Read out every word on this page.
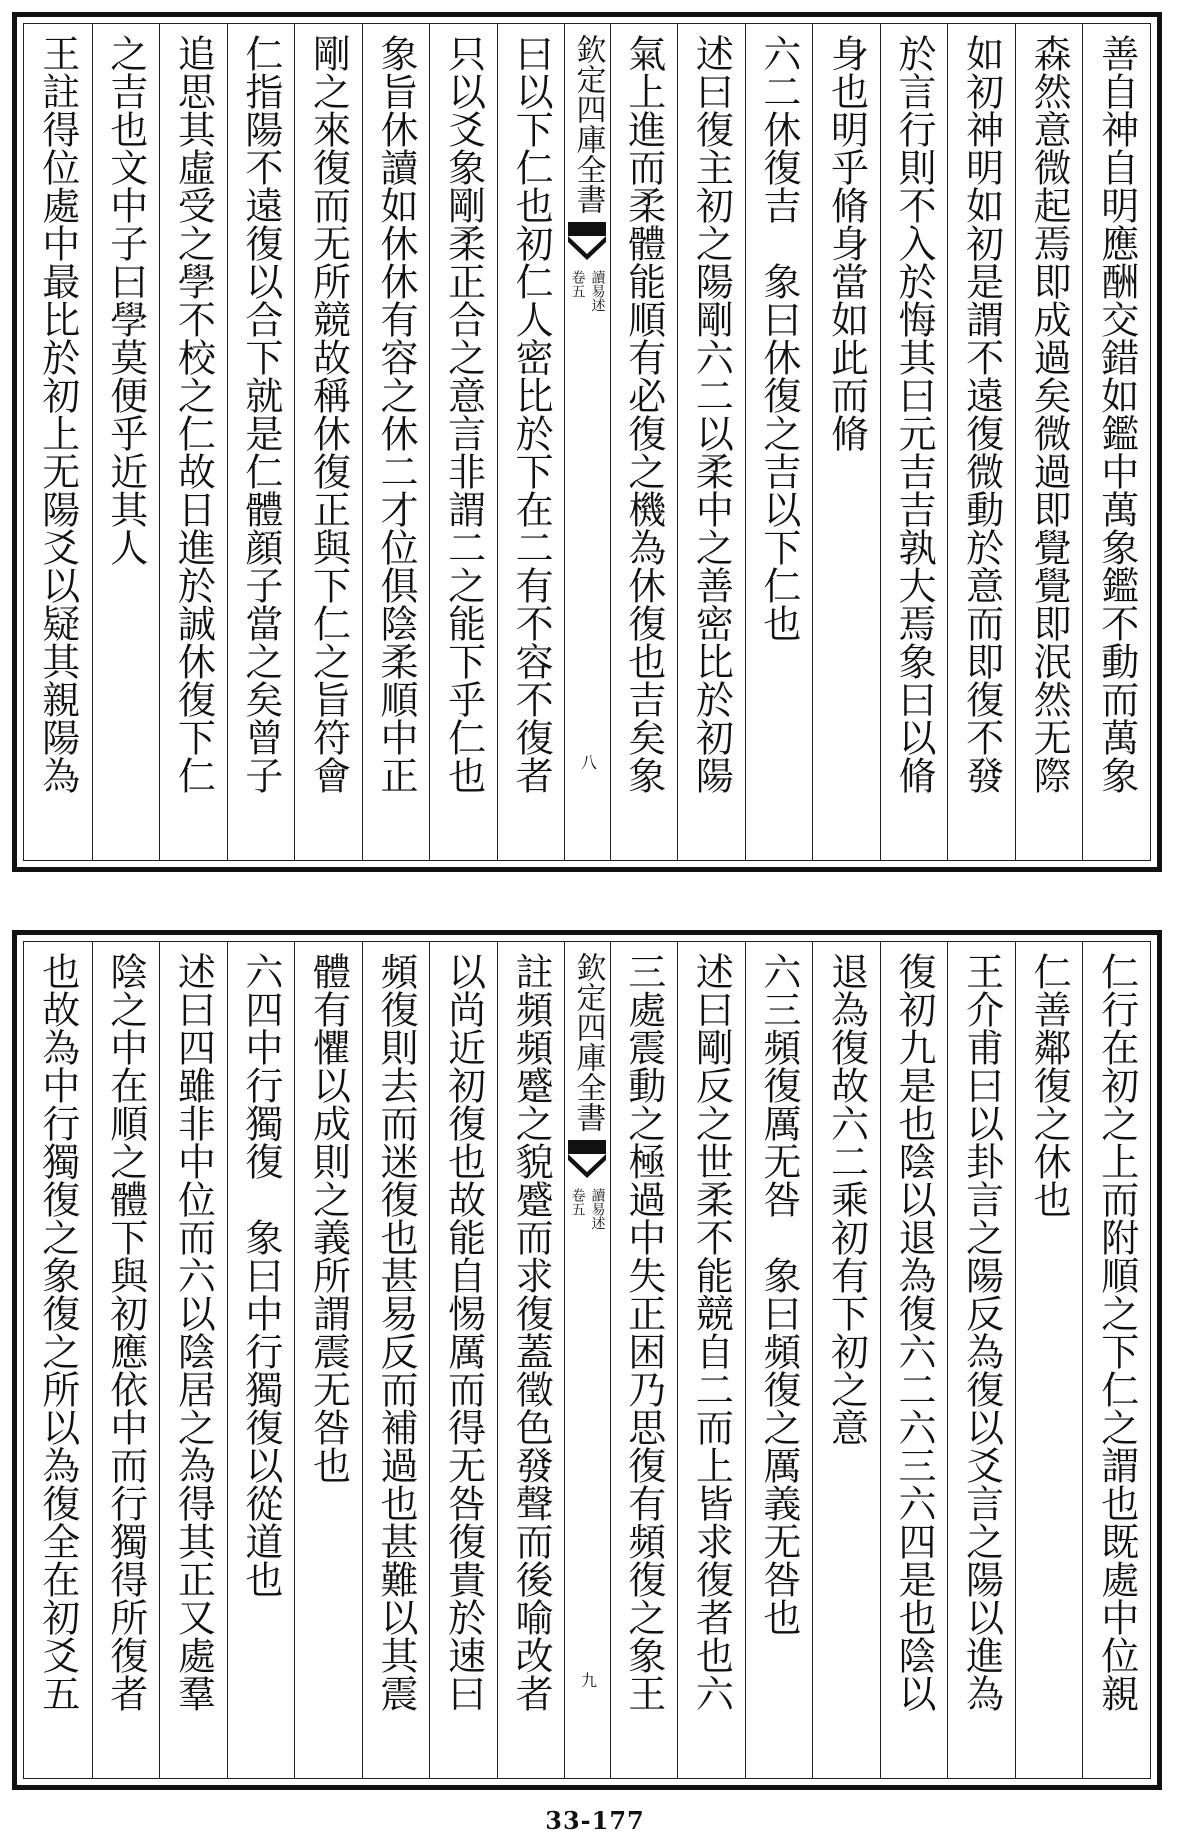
善自神自明應酬交錯如鑑中萬象鑑不動而萬象
森然意微起焉即成過矣微過即覺覺即泯然无際
如初神明如初是謂不遠復微動於意而即復不發
於言行則不入於悔其曰元吉吉孰大焉象曰以脩
身也明乎脩身當如此而脩
六二休復吉　象曰休復之吉以下仁也
述曰復主初之陽剛六二以柔中之善密比於初陽
氣上進而柔體能順有必復之機為休復也吉矣象
欽定四庫全書
讀易述
卷五
八
曰以下仁也初仁人密比於下在二有不容不復者
只以爻象剛柔正合之意言非謂二之能下乎仁也
象旨休讀如休休有容之休二才位俱陰柔順中正
剛之來復而无所競故稱休復正與下仁之旨符會
仁指陽不遠復以合下就是仁體顔子當之矣曾子
追思其虛受之學不校之仁故日進於誠休復下仁
之吉也文中子曰學莫便乎近其人
王註得位處中最比於初上无陽爻以疑其親陽為
仁行在初之上而附順之下仁之謂也既處中位親
仁善鄰復之休也
王介甫曰以卦言之陽反為復以爻言之陽以進為
復初九是也陰以退為復六二六三六四是也陰以
退為復故六二乘初有下初之意
六三頻復厲无咎　象曰頻復之厲義无咎也
述曰剛反之世柔不能競自二而上皆求復者也六
三處震動之極過中失正困乃思復有頻復之象王
欽定四庫全書
讀易述
卷五
九
註頻頻蹙之貌蹙而求復蓋徵色發聲而後喻改者
以尚近初復也故能自惕厲而得无咎復貴於速曰
頻復則去而迷復也甚易反而補過也甚難以其震
體有懼以成則之義所謂震无咎也
六四中行獨復　象曰中行獨復以從道也
述曰四雖非中位而六以陰居之為得其正又處羣
陰之中在順之體下與初應依中而行獨得所復者
也故為中行獨復之象復之所以為復全在初爻五
33-177
